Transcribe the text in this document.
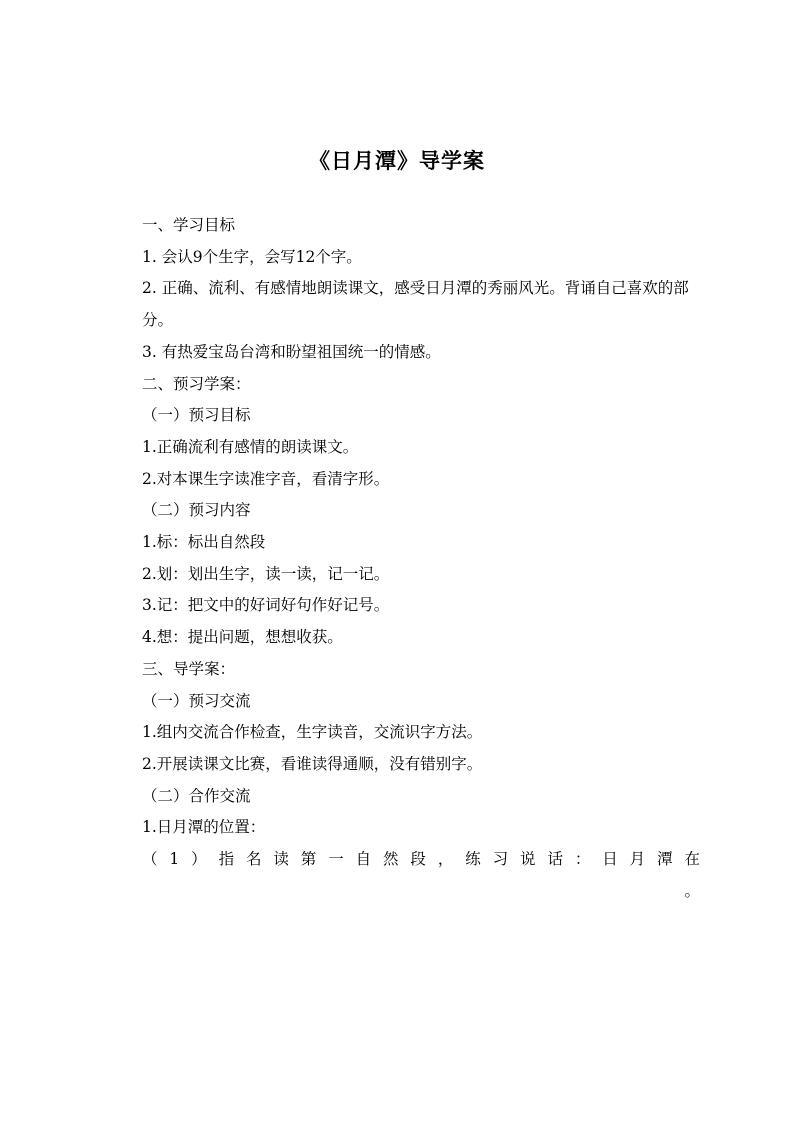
《日月潭》导学案

一、学习目标

1. 会认9个生字，会写12个字。

2. 正确、流利、有感情地朗读课文，感受日月潭的秀丽风光。背诵自己喜欢的部分。

3. 有热爱宝岛台湾和盼望祖国统一的情感。

二、预习学案：

（一）预习目标

1.正确流利有感情的朗读课文。

2.对本课生字读准字音，看清字形。

（二）预习内容

1.标：标出自然段

2.划：划出生字，读一读，记一记。

3.记：把文中的好词好句作好记号。

4.想：提出问题，想想收获。

三、导学案：

（一）预习交流

1.组内交流合作检查，生字读音，交流识字方法。

2.开展读课文比赛，看谁读得通顺，没有错别字。

（二）合作交流

1.日月潭的位置：

（ 1 ） 指 名 读 第 一 自 然 段 ， 练 习 说 话 ： 日 月 潭 在

。
